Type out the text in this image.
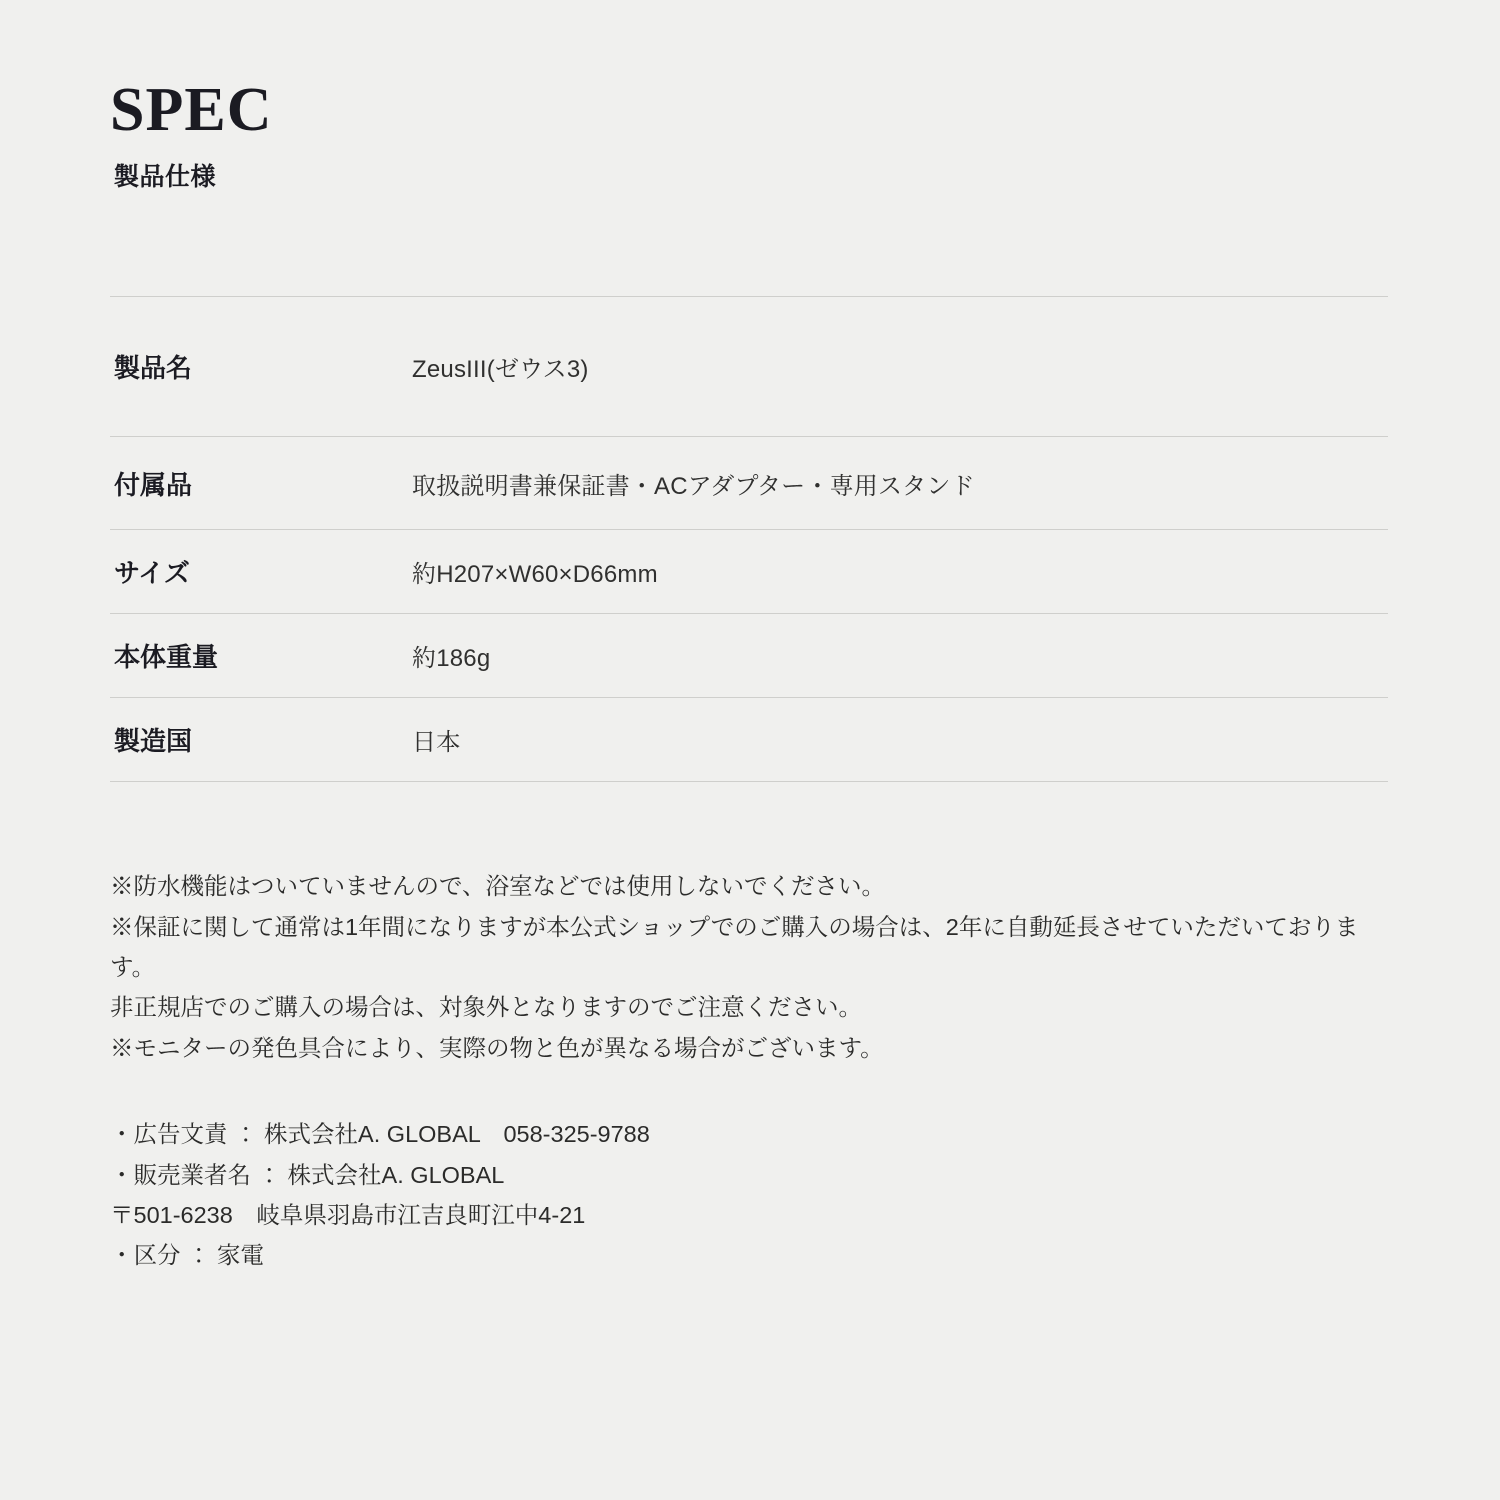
SPEC
製品仕様
製品名	ZeusIII(ゼウス3)
付属品	取扱説明書兼保証書・ACアダプター・専用スタンド
サイズ	約H207×W60×D66mm
本体重量	約186g
製造国	日本

※防水機能はついていませんので、浴室などでは使用しないでください。

※保証に関して通常は1年間になりますが本公式ショップでのご購入の場合は、2年に自動延長させていただいております。

非正規店でのご購入の場合は、対象外となりますのでご注意ください。

※モニターの発色具合により、実際の物と色が異なる場合がございます。

・広告文責 ： 株式会社A. GLOBAL　058-325-9788

・販売業者名 ： 株式会社A. GLOBAL

〒501-6238　岐阜県羽島市江吉良町江中4-21

・区分 ： 家電
